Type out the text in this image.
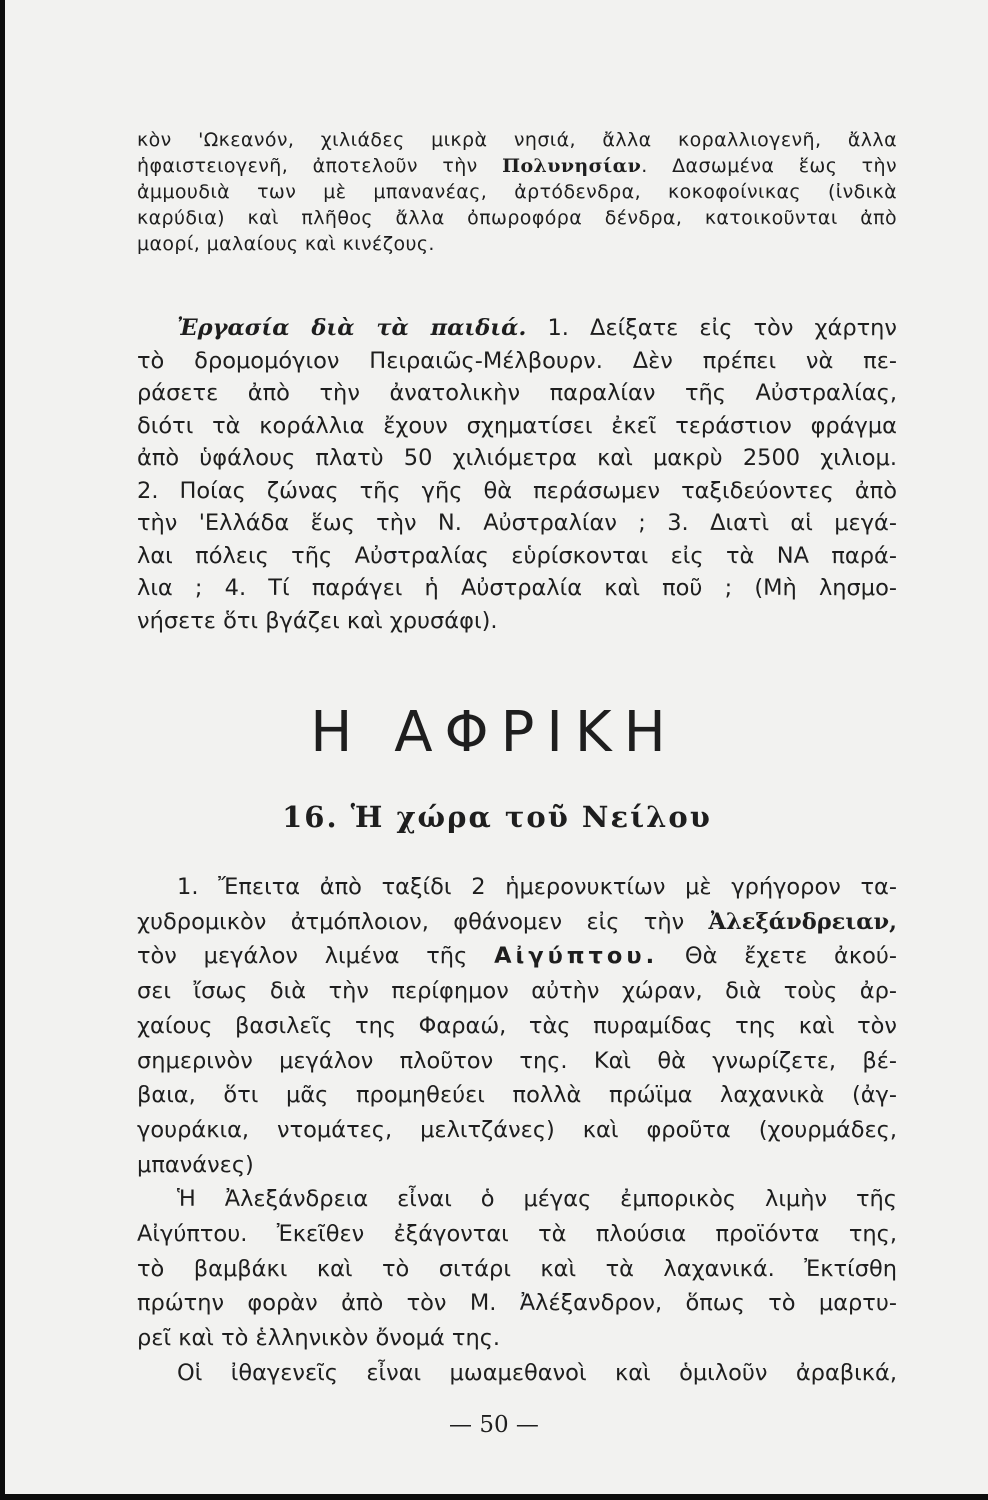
κὸν 'Ωκεανόν, χιλιάδες μικρὰ νησιά, ἄλλα κοραλλιογενῆ, ἄλλα
ἡφαιστειογενῆ, ἀποτελοῦν τὴν Πολυνησίαν. Δασωμένα ἕως τὴν
ἀμμουδιὰ των μὲ μπανανέας, ἀρτόδενδρα, κοκοφοίνικας (ἰνδικὰ
καρύδια) καὶ πλῆθος ἄλλα ὀπωροφόρα δένδρα, κατοικοῦνται ἀπὸ
μαορί, μαλαίους καὶ κινέζους.
Ἐργασία διὰ τὰ παιδιά. 1. Δείξατε εἰς τὸν χάρτην
τὸ δρομομόγιον Πειραιῶς-Μέλβουρν. Δὲν πρέπει νὰ πε-
ράσετε ἀπὸ τὴν ἀνατολικὴν παραλίαν τῆς Αὐστραλίας,
διότι τὰ κοράλλια ἔχουν σχηματίσει ἐκεῖ τεράστιον φράγμα
ἀπὸ ὑφάλους πλατὺ 50 χιλιόμετρα καὶ μακρὺ 2500 χιλιομ.
2. Ποίας ζώνας τῆς γῆς θὰ περάσωμεν ταξιδεύοντες ἀπὸ
τὴν 'Ελλάδα ἕως τὴν Ν. Αὐστραλίαν ; 3. Διατὶ αἱ μεγά-
λαι πόλεις τῆς Αὐστραλίας εὑρίσκονται εἰς τὰ ΝΑ παρά-
λια ; 4. Τί παράγει ἡ Αὐστραλία καὶ ποῦ ; (Μὴ λησμο-
νήσετε ὅτι βγάζει καὶ χρυσάφι).
Η ΑΦΡΙΚΗ
16. Ἡ χώρα τοῦ Νείλου
1. Ἔπειτα ἀπὸ ταξίδι 2 ἡμερονυκτίων μὲ γρήγορον τα-
χυδρομικὸν ἀτμόπλοιον, φθάνομεν εἰς τὴν Ἀλεξάνδρειαν,
τὸν μεγάλον λιμένα τῆς Αἰγύπτου. Θὰ ἔχετε ἀκού-
σει ἴσως διὰ τὴν περίφημον αὐτὴν χώραν, διὰ τοὺς ἀρ-
χαίους βασιλεῖς της Φαραώ, τὰς πυραμίδας της καὶ τὸν
σημερινὸν μεγάλον πλοῦτον της. Καὶ θὰ γνωρίζετε, βέ-
βαια, ὅτι μᾶς προμηθεύει πολλὰ πρώϊμα λαχανικὰ (ἀγ-
γουράκια, ντομάτες, μελιτζάνες) καὶ φροῦτα (χουρμάδες,
μπανάνες)
Ἡ Ἀλεξάνδρεια εἶναι ὁ μέγας ἐμπορικὸς λιμὴν τῆς
Αἰγύπτου. Ἐκεῖθεν ἐξάγονται τὰ πλούσια προϊόντα της,
τὸ βαμβάκι καὶ τὸ σιτάρι καὶ τὰ λαχανικά. Ἐκτίσθη
πρώτην φορὰν ἀπὸ τὸν Μ. Ἀλέξανδρον, ὅπως τὸ μαρτυ-
ρεῖ καὶ τὸ ἑλληνικὸν ὄνομά της.
Οἱ ἰθαγενεῖς εἶναι μωαμεθανοὶ καὶ ὁμιλοῦν ἀραβικά,
— 50 —
